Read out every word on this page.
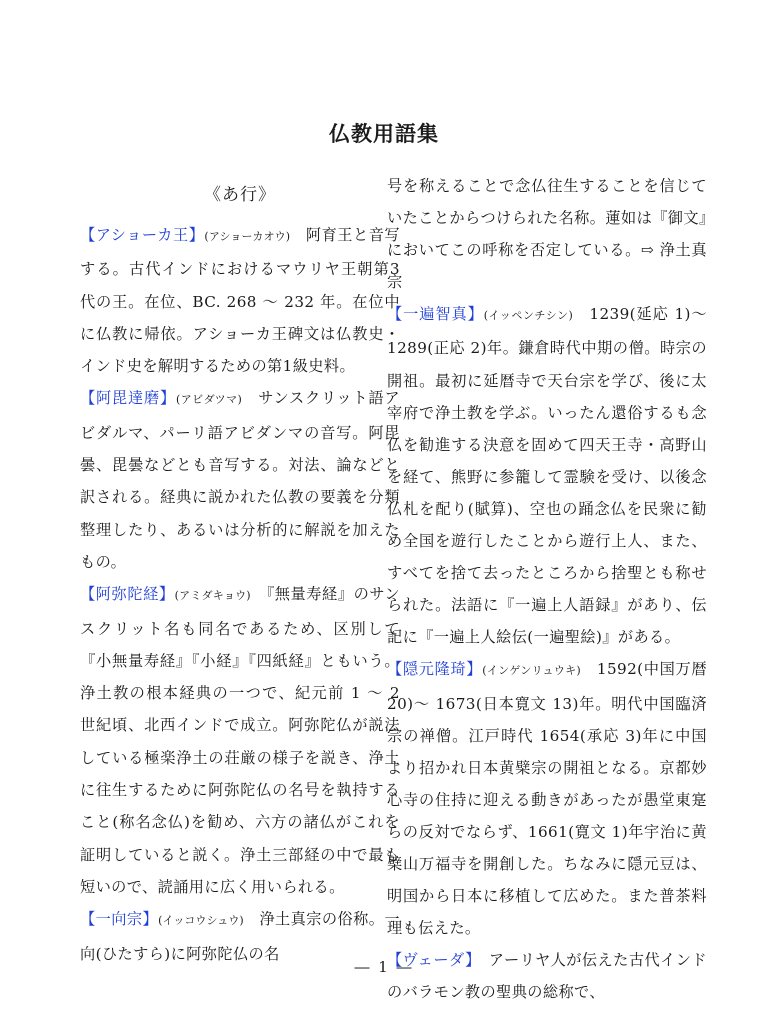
仏教用語集
《あ行》

【アショーカ王】(アショーカオウ)　 阿育王と音写する。古代インドにおけるマウリヤ王朝第3代の王。在位、BC. 268 ～ 232 年。在位中に仏教に帰依。アショーカ王碑文は仏教史・インド史を解明するための第1級史料。

【阿毘達磨】(アビダツマ)　 サンスクリット語アビダルマ、パーリ語アビダンマの音写。阿毘曇、毘曇などとも音写する。対法、論などと訳される。経典に説かれた仏教の要義を分類整理したり、あるいは分析的に解説を加えたもの。

【阿弥陀経】(アミダキョウ)　 『無量寿経』のサンスクリット名も同名であるため、区別して『小無量寿経』『小経』『四紙経』ともいう。浄土教の根本経典の一つで、紀元前 1 ～ 2 世紀頃、北西インドで成立。阿弥陀仏が説法している極楽浄土の荘厳の様子を説き、浄土に往生するために阿弥陀仏の名号を執持すること(称名念仏)を勧め、六方の諸仏がこれを証明していると説く。浄土三部経の中で最も短いので、読誦用に広く用いられる。

【一向宗】(イッコウシュウ)　 浄土真宗の俗称。一向(ひたすら)に阿弥陀仏の名

号を称えることで念仏往生することを信じていたことからつけられた名称。蓮如は『御文』においてこの呼称を否定している。⇨ 浄土真宗

【一遍智真】(イッペンチシン)　 1239(延応 1)～ 1289(正応 2)年。鎌倉時代中期の僧。時宗の開祖。最初に延暦寺で天台宗を学び、後に太宰府で浄土教を学ぶ。いったん還俗するも念仏を勧進する決意を固めて四天王寺・高野山を経て、熊野に参籠して霊験を受け、以後念仏札を配り(賦算)、空也の踊念仏を民衆に勧め全国を遊行したことから遊行上人、また、すべてを捨て去ったところから捨聖とも称せられた。法語に『一遍上人語録』があり、伝記に『一遍上人絵伝(一遍聖絵)』がある。

【隠元隆琦】(インゲンリュウキ)　 1592(中国万暦 20)～ 1673(日本寛文 13)年。明代中国臨済宗の禅僧。江戸時代 1654(承応 3)年に中国より招かれ日本黄檗宗の開祖となる。京都妙心寺の住持に迎える動きがあったが愚堂東寔らの反対でならず、1661(寛文 1)年宇治に黄檗山万福寺を開創した。ちなみに隠元豆は、明国から日本に移植して広めた。また普茶料理も伝えた。

【ヴェーダ】　 アーリヤ人が伝えた古代インドのバラモン教の聖典の総称で、

― 1 ―
